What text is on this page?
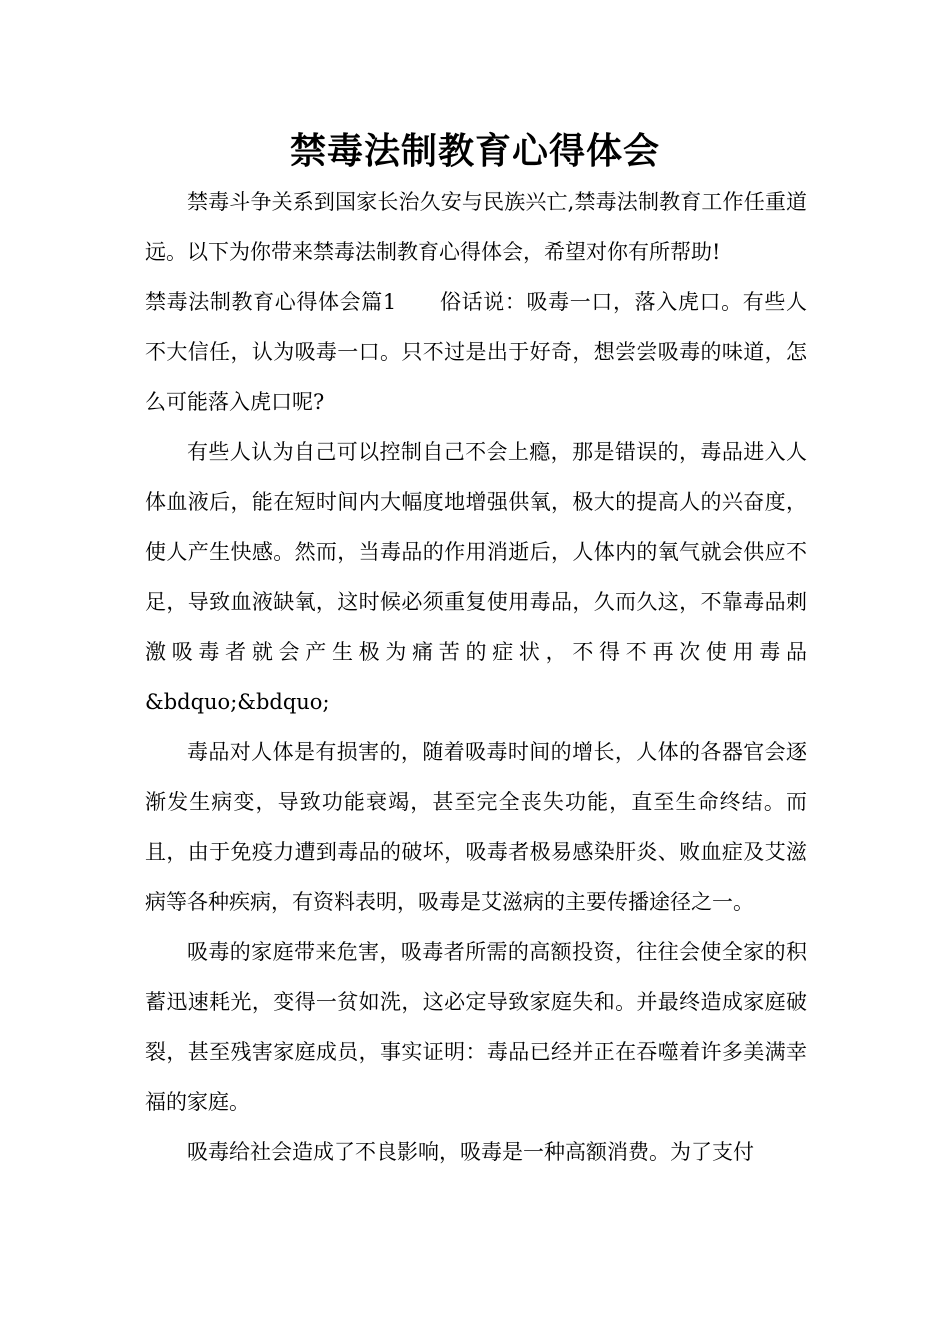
禁毒法制教育心得体会

禁毒斗争关系到国家长治久安与民族兴亡,禁毒法制教育工作任重道远。以下为你带来禁毒法制教育心得体会，希望对你有所帮助!

禁毒法制教育心得体会篇1　　俗话说：吸毒一口，落入虎口。有些人不大信任，认为吸毒一口。只不过是出于好奇，想尝尝吸毒的味道，怎么可能落入虎口呢?

有些人认为自己可以控制自己不会上瘾，那是错误的，毒品进入人体血液后，能在短时间内大幅度地增强供氧，极大的提高人的兴奋度，使人产生快感。然而，当毒品的作用消逝后，人体内的氧气就会供应不足，导致血液缺氧，这时候必须重复使用毒品，久而久这，不靠毒品刺激吸毒者就会产生极为痛苦的症状，不得不再次使用毒品&bdquo;&bdquo;

毒品对人体是有损害的，随着吸毒时间的增长，人体的各器官会逐渐发生病变，导致功能衰竭，甚至完全丧失功能，直至生命终结。而且，由于免疫力遭到毒品的破坏，吸毒者极易感染肝炎、败血症及艾滋病等各种疾病，有资料表明，吸毒是艾滋病的主要传播途径之一。

吸毒的家庭带来危害，吸毒者所需的高额投资，往往会使全家的积蓄迅速耗光，变得一贫如洗，这必定导致家庭失和。并最终造成家庭破裂，甚至残害家庭成员，事实证明：毒品已经并正在吞噬着许多美满幸福的家庭。

吸毒给社会造成了不良影响，吸毒是一种高额消费。为了支付
